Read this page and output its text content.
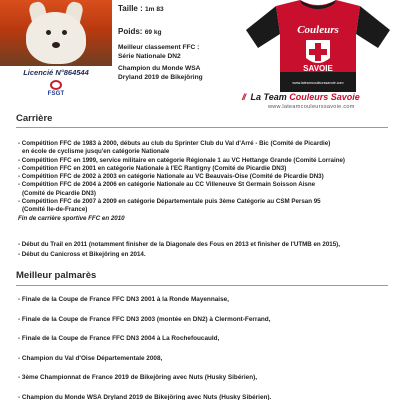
Licencié N°864544
FSGT
Taille : 1m 83
Poids: 69 kg
Meilleur classement FFC :
Série Nationale DN2
Champion du Monde WSA
Dryland 2019 de Bikejöring
Couleurs
SAVOIE
www.lateamcouleurssavoie.com
// La Team Couleurs Savoie
www.lateamcouleurssavoie.com
Carrière
- Compétition FFC de 1983 à 2000, débuts au club du Sprinter Club du Val d'Arré - Bic (Comité de Picardie)
en école de cyclisme jusqu'en catégorie Nationale
- Compétition FFC en 1999, service militaire en catégorie Régionale 1 au VC Hettange Grande (Comité Lorraine)
- Compétition FFC en 2001 en catégorie Nationale à l'EC Rantigny (Comité de Picardie DN3)
- Compétition FFC de 2002 à 2003 en catégorie Nationale au VC Beauvais-Oise (Comité de Picardie DN3)
- Compétition FFC de 2004 à 2006 en catégorie Nationale au CC Villeneuve St Germain Soisson Aisne
(Comité de Picardie DN3)
- Compétition FFC de 2007 à 2009 en catégorie Départementale puis 3ème Catégorie au CSM Persan 95
(Comité Ile-de-France)
Fin de carrière sportive FFC en 2010
- Début du Trail en 2011 (notamment finisher de la Diagonale des Fous en 2013 et finisher de l'UTMB en 2015),
- Début du Canicross et Bikejöring en 2014.
Meilleur palmarès
- Finale de la Coupe de France FFC DN3 2001 à la Ronde Mayennaise,
- Finale de la Coupe de France FFC DN3 2003 (montée en DN2) à Clermont-Ferrand,
- Finale de la Coupe de France FFC DN3 2004 à La Rochefoucauld,
- Champion du Val d'Oise Départementale 2008,
- 3ème Championnat de France 2019 de Bikejöring avec Nuts (Husky Sibérien),
- Champion du Monde WSA Dryland 2019 de Bikejöring avec Nuts (Husky Sibérien).
